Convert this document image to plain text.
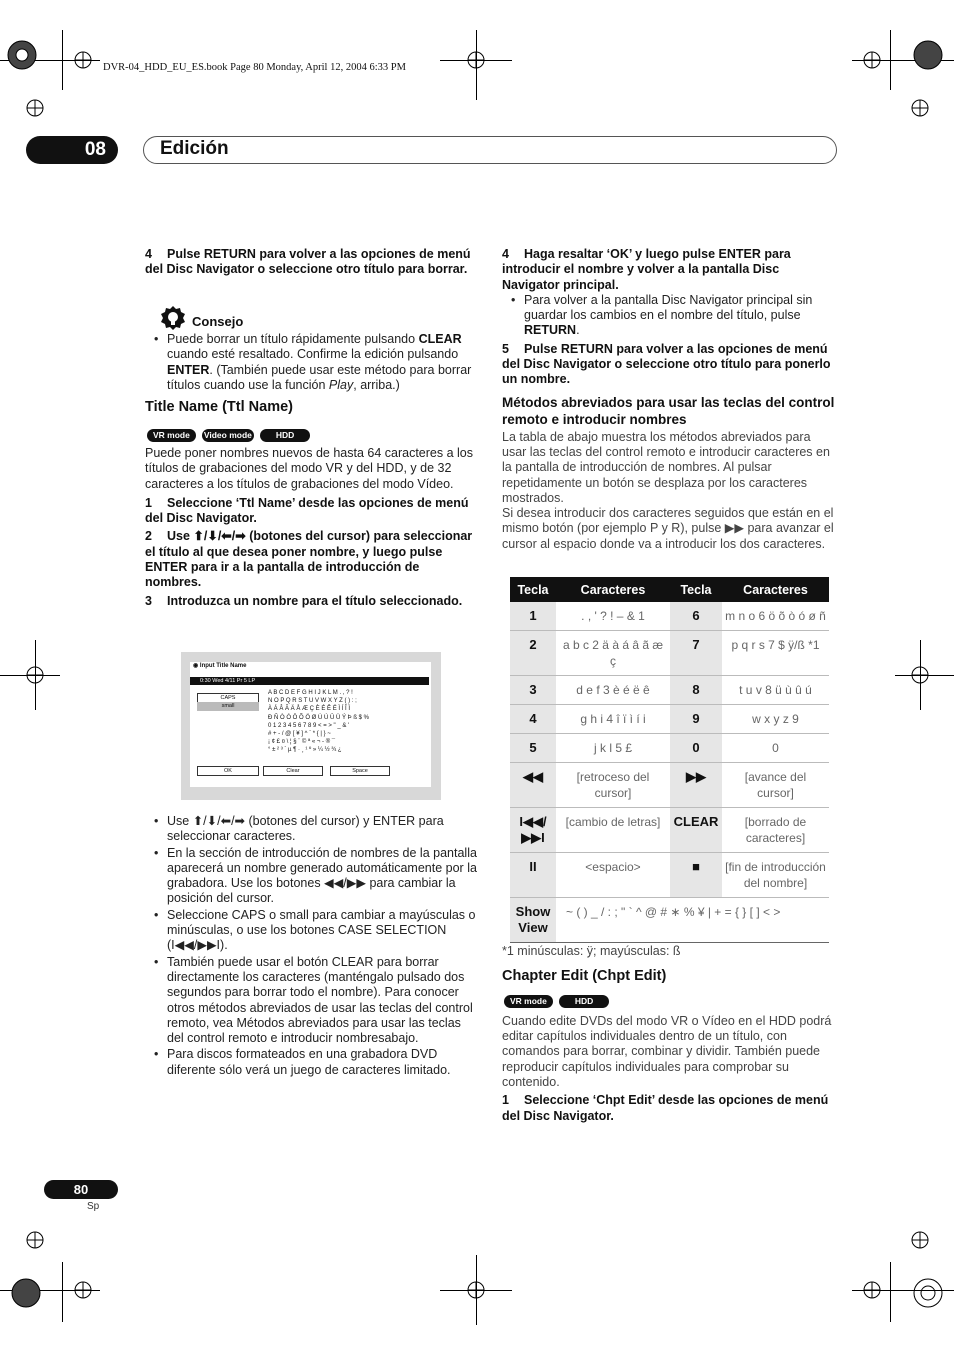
DVR-04_HDD_EU_ES.book Page 80 Monday, April 12, 2004 6:33 PM
08	Edición

4 Pulse RETURN para volver a las opciones de menú del Disc Navigator o seleccione otro título para borrar.

Consejo
• Puede borrar un título rápidamente pulsando CLEAR cuando esté resaltado. Confirme la edición pulsando ENTER. (También puede usar este método para borrar títulos cuando use la función Play, arriba.)
Title Name (Ttl Name)
VR mode Video mode	HDD

Puede poner nombres nuevos de hasta 64 caracteres a los títulos de grabaciones del modo VR y del HDD, y de 32 caracteres a los títulos de grabaciones del modo Vídeo.

1 Seleccione ‘Ttl Name’ desde las opciones de menú del Disc Navigator.

2 Use ⬆/⬇/⬅/➡ (botones del cursor) para seleccionar el título al que desea poner nombre, y luego pulse ENTER para ir a la pantalla de introducción de nombres.

3 Introduzca un nombre para el título seleccionado.

◉ Input Title Name
0:30 Wed 4/11 Pr 5 LP
CAPS
small
A B C D E F G H I J K L M . , ? !
N O P Q R S T U V W X Y Z ( ) : ;
À Á Â Ã Ä Å Æ Ç È É Ê Ë Ì Í Î Ï
Ð Ñ Ò Ó Ô Õ Ö Ø Ù Ú Û Ü Ý Þ ß $ %
0 1 2 3 4 5 6 7 8 9 < = > " _ & '
# + - / @ [ ¥ ] ^ ` * { | } ~
¡ ¢ £ ¤ \ ¦ § ¨ © ª « ¬ - ® ¯
° ± ² ³ ´ µ ¶ · ¸ ¹ º » ¼ ½ ¾ ¿
OK	Clear	Space
• Use ⬆/⬇/⬅/➡ (botones del cursor) y ENTER para seleccionar caracteres.
• En la sección de introducción de nombres de la pantalla aparecerá un nombre generado automáticamente por la grabadora. Use los botones ◀◀/▶▶ para cambiar la posición del cursor.
• Seleccione CAPS o small para cambiar a mayúsculas o minúsculas, o use los botones CASE SELECTION (I◀◀/▶▶I).
• También puede usar el botón CLEAR para borrar directamente los caracteres (manténgalo pulsado dos segundos para borrar todo el nombre). Para conocer otros métodos abreviados de usar las teclas del control remoto, vea Métodos abreviados para usar las teclas del control remoto e introducir nombresabajo.
• Para discos formateados en una grabadora DVD diferente sólo verá un juego de caracteres limitado.

4 Haga resaltar ‘OK’ y luego pulse ENTER para introducir el nombre y volver a la pantalla Disc Navigator principal.

• Para volver a la pantalla Disc Navigator principal sin guardar los cambios en el nombre del título, pulse RETURN.

5 Pulse RETURN para volver a las opciones de menú del Disc Navigator o seleccione otro título para ponerlo un nombre.

Métodos abreviados para usar las teclas del control remoto e introducir nombres

La tabla de abajo muestra los métodos abreviados para usar las teclas del control remoto e introducir caracteres en la pantalla de introducción de nombres. Al pulsar repetidamente un botón se desplaza por los caracteres mostrados.

Si desea introducir dos caracteres seguidos que están en el mismo botón (por ejemplo P y R), pulse ▶▶ para avanzar el cursor al espacio donde va a introducir los dos caracteres.

Tecla	Caracteres	Tecla	Caracteres
1	. , ' ? ! – & 1	6	m n o 6 ö õ ò ó ø ñ
2	a b c 2 ä à á â ã æ ç	7	p q r s 7 $ ÿ/ß *1
3	d e f 3 è é ë ê	8	t u v 8 ü ù û ú
4	g h i 4 î ï ì í i	9	w x y z 9
5	j k l 5 £	0	0
◀◀	[retroceso del cursor]	▶▶	[avance del cursor]
I◀◀/ ▶▶I	[cambio de letras]	CLEAR	[borrado de caracteres]
II	<espacio>	■	[fin de introducción del nombre]
Show View	~ ( ) _ / : ; " ` ^ @ # ∗ % ¥ | + = { } [ ] < >		

*1 minúsculas: ÿ; mayúsculas: ß

Chapter Edit (Chpt Edit)
VR mode	HDD

Cuando edite DVDs del modo VR o Vídeo en el HDD podrá editar capítulos individuales dentro de un título, con comandos para borrar, combinar y dividir. También puede reproducir capítulos individuales para comprobar su contenido.

1 Seleccione ‘Chpt Edit’ desde las opciones de menú del Disc Navigator.

80
Sp
